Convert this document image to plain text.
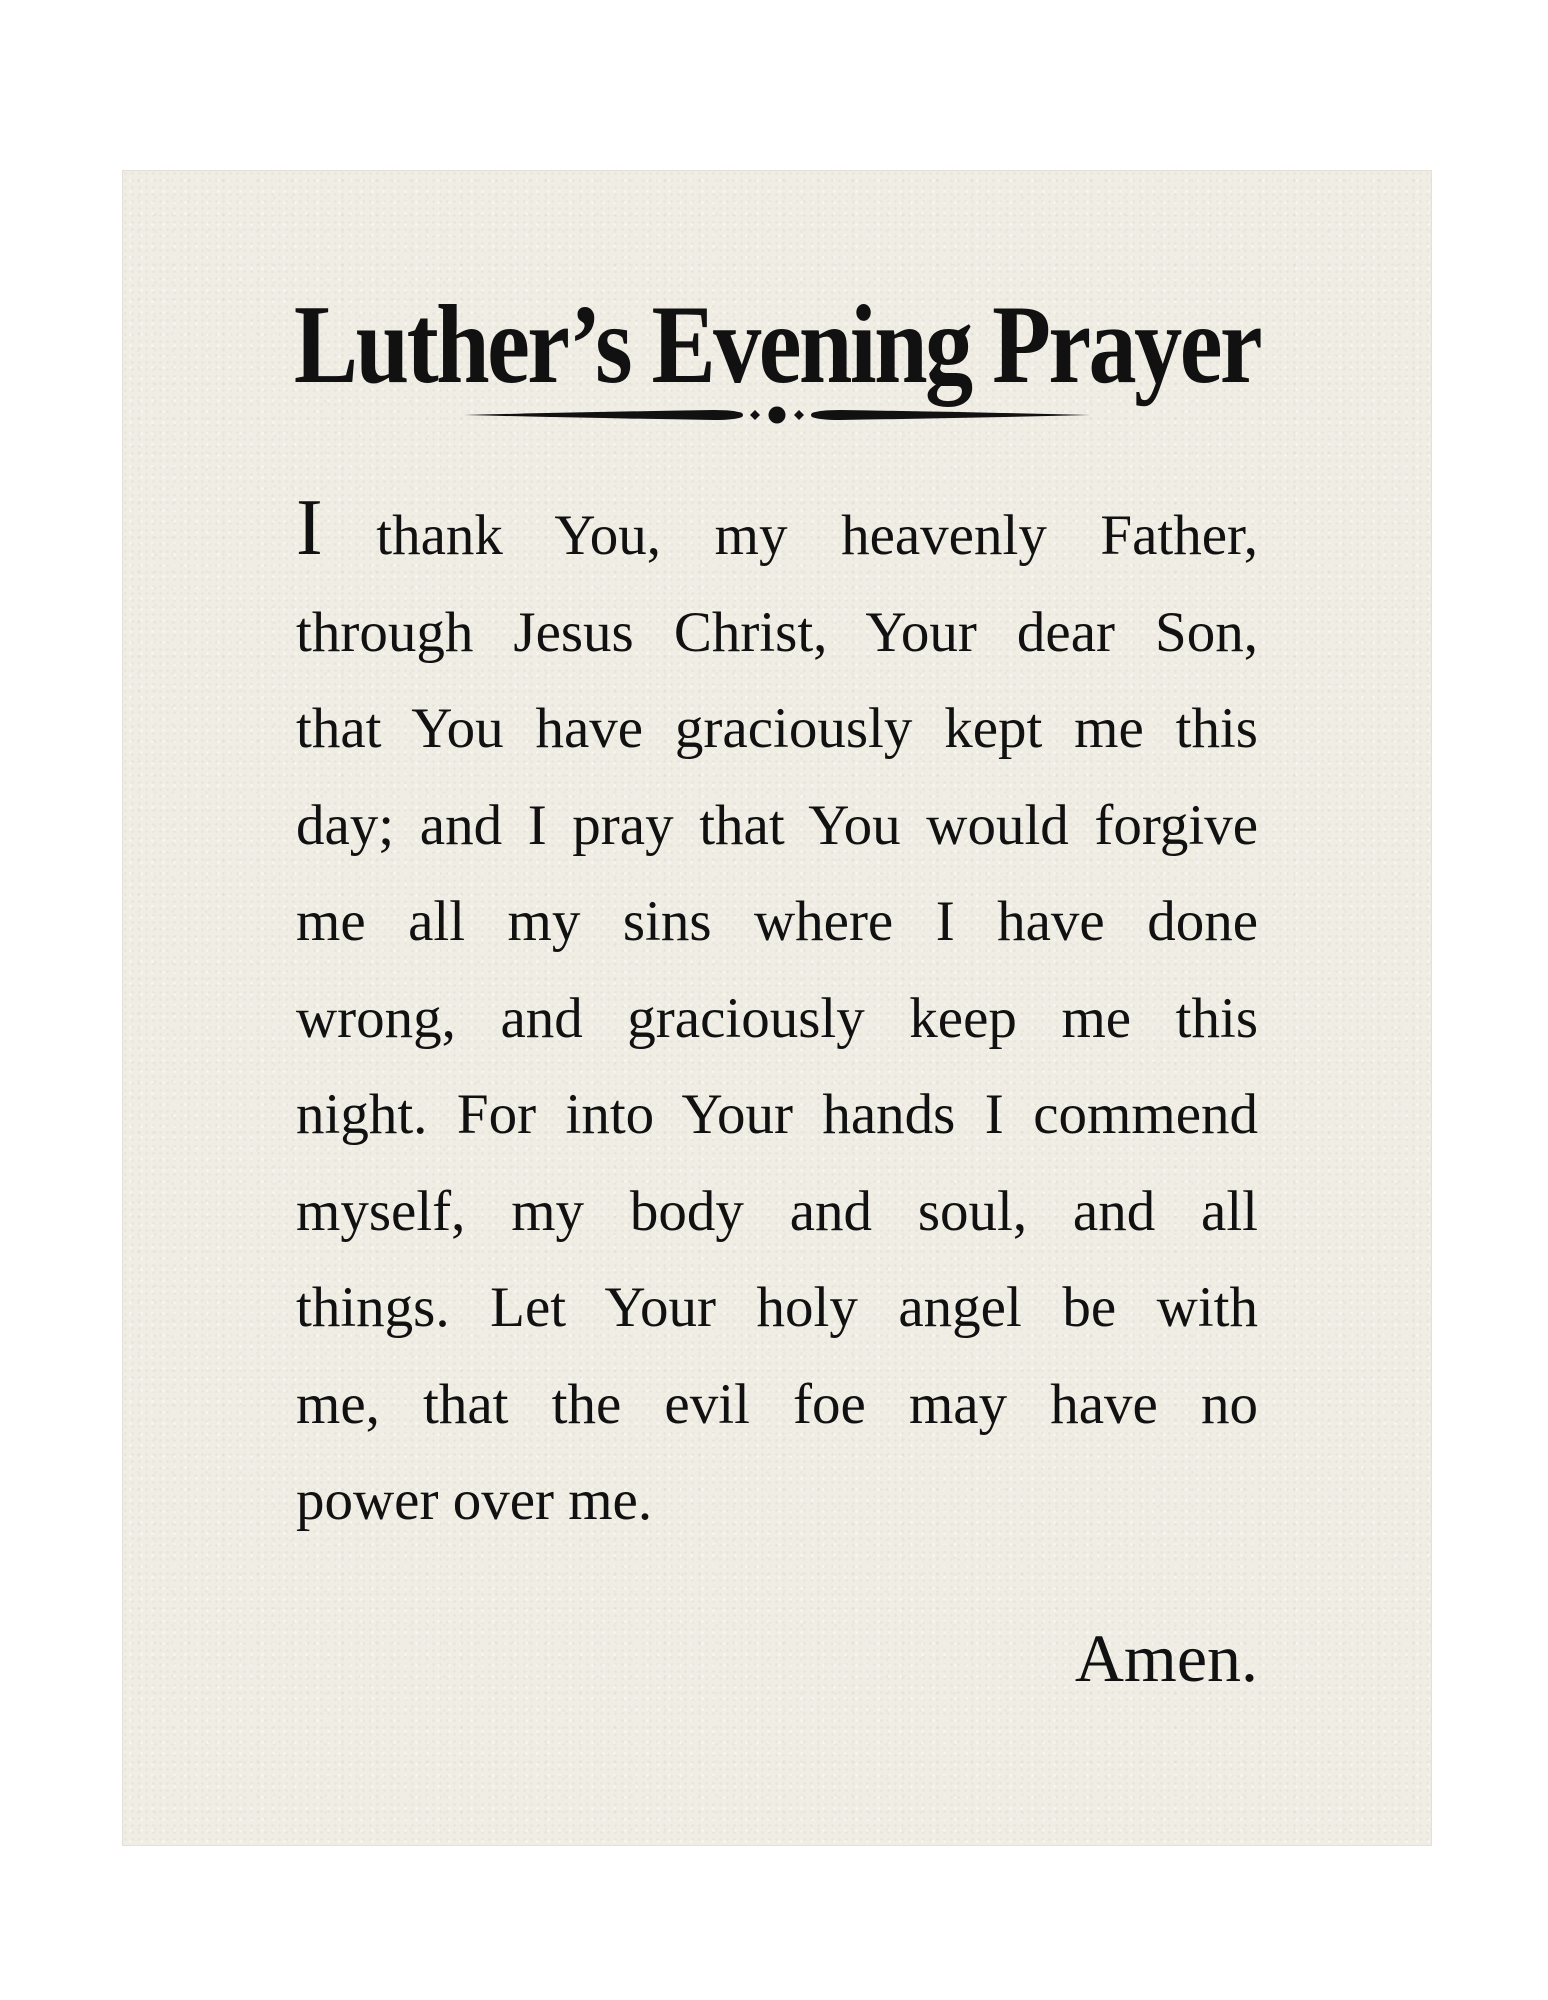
Luther’s Evening Prayer

I thank You, my heavenly Father,
through Jesus Christ, Your dear Son,
that You have graciously kept me this
day; and I pray that You would forgive
me all my sins where I have done
wrong, and graciously keep me this
night. For into Your hands I commend
myself, my body and soul, and all
things. Let Your holy angel be with
me, that the evil foe may have no
power over me.

Amen.
